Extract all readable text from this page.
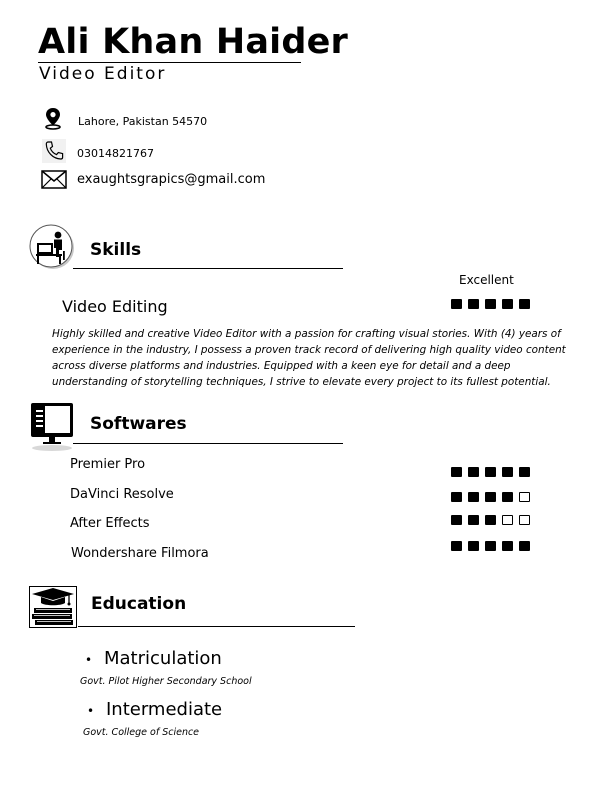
Ali Khan Haider
Video Editor
Lahore, Pakistan 54570
03014821767
exaughtsgrapics@gmail.com
Skills
Excellent
Video Editing
Highly skilled and creative Video Editor with a passion for crafting visual stories. With (4) years of experience in the industry, I possess a proven track record of delivering high quality video content across diverse platforms and industries. Equipped with a keen eye for detail and a deep understanding of storytelling techniques, I strive to elevate every project to its fullest potential.
Softwares
Premier Pro
DaVinci Resolve
After Effects
Wondershare Filmora
Education
• Matriculation
Govt. Pilot Higher Secondary School
• Intermediate
Govt. College of Science
